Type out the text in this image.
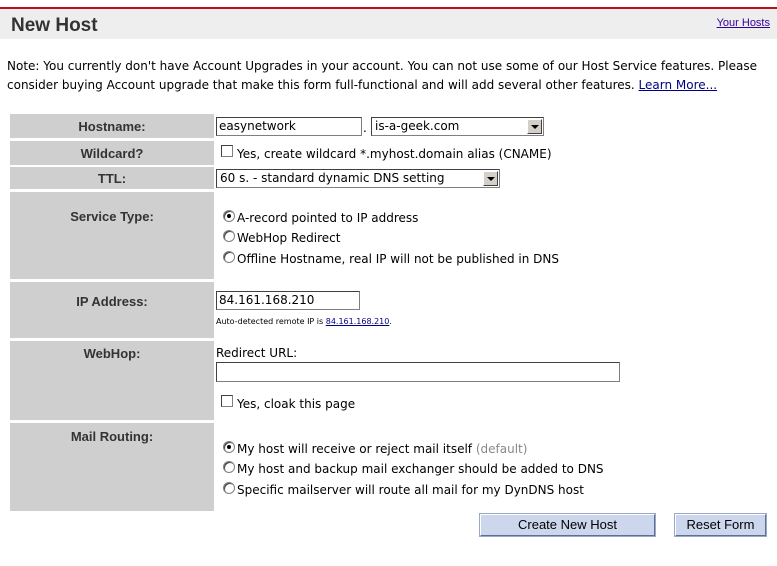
New Host	Your Hosts
Note: You currently don't have Account Upgrades in your account. You can not use some of our Host Service features. Please consider buying Account upgrade that make this form full-functional and will add several other features. Learn More...
Hostname:	easynetwork	. is-a-geek.com
Wildcard?	Yes, create wildcard *.myhost.domain alias (CNAME)
TTL:	60 s. - standard dynamic DNS setting
Service Type:	A-record pointed to IP address
WebHop Redirect
Offline Hostname, real IP will not be published in DNS
IP Address:	84.161.168.210
Auto-detected remote IP is 84.161.168.210.
WebHop:	Redirect URL:
Yes, cloak this page
Mail Routing:
My host will receive or reject mail itself (default)
My host and backup mail exchanger should be added to DNS
Specific mailserver will route all mail for my DynDNS host
Create New Host	Reset Form
